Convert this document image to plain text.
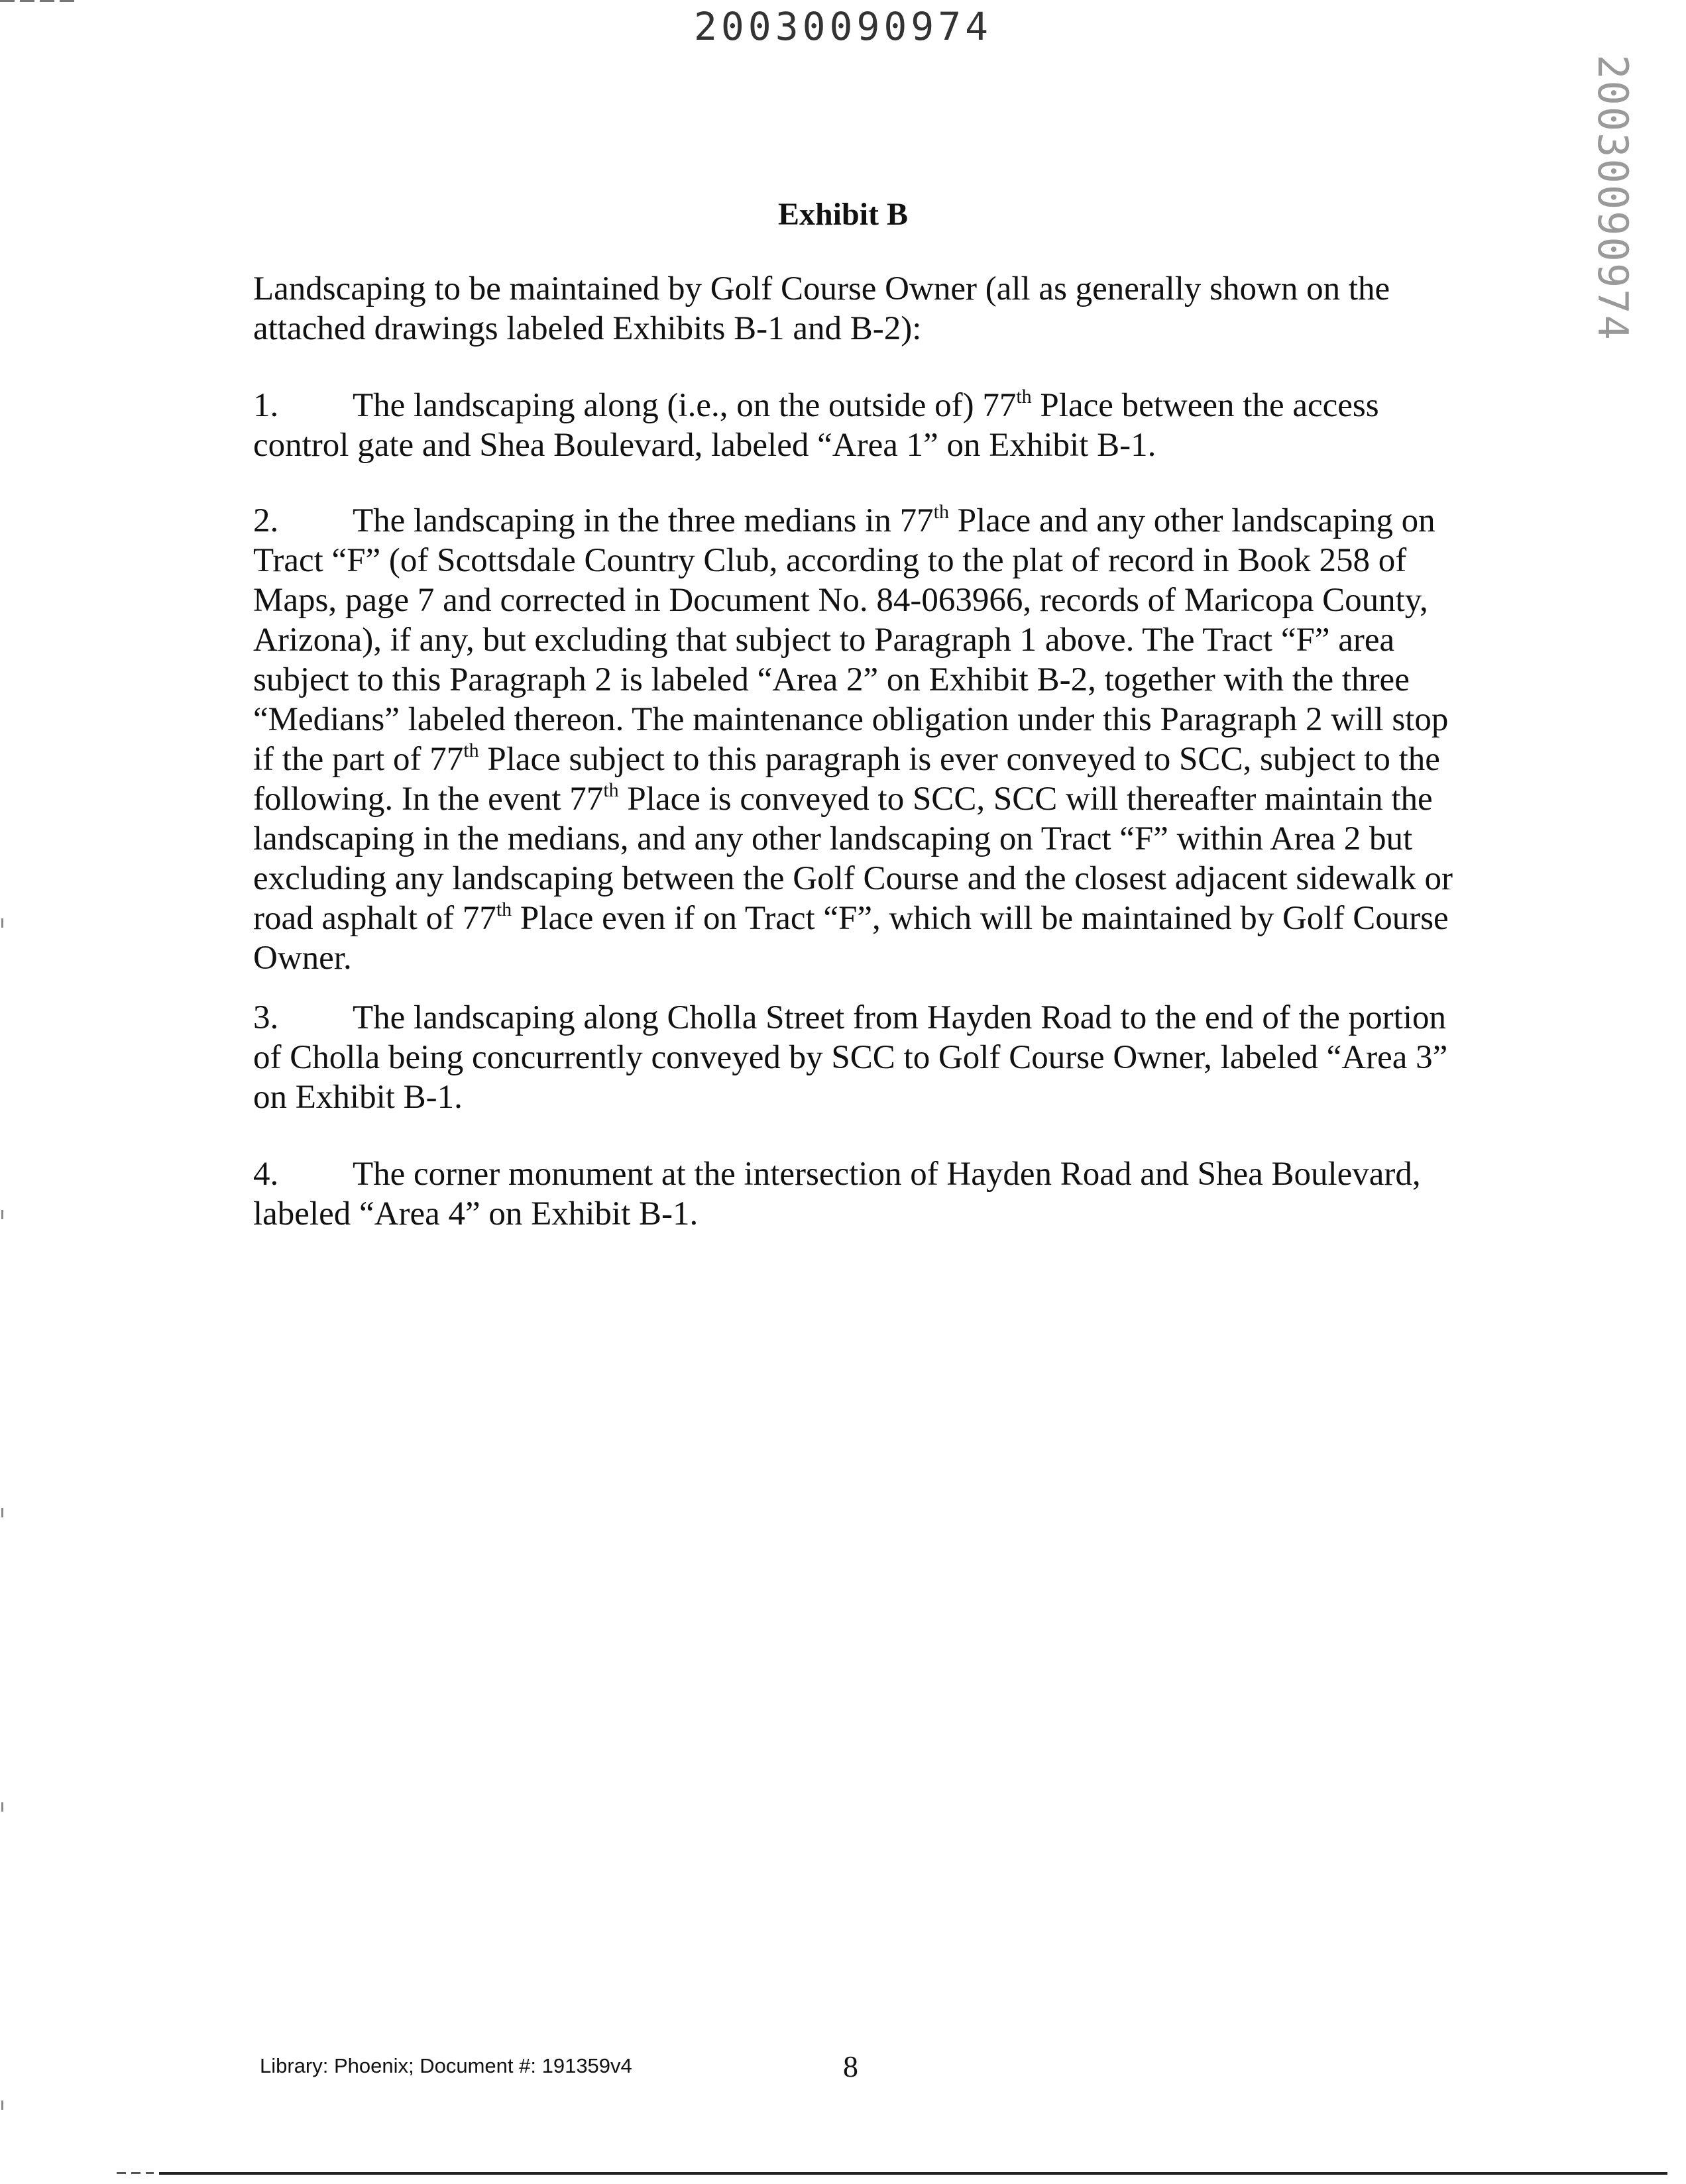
20030090974
20030090974
Exhibit B

Landscaping to be maintained by Golf Course Owner (all as generally shown on the attached drawings labeled Exhibits B-1 and B-2):

1. The landscaping along (i.e., on the outside of) 77th Place between the access control gate and Shea Boulevard, labeled “Area 1” on Exhibit B-1.

2. The landscaping in the three medians in 77th Place and any other landscaping on Tract “F” (of Scottsdale Country Club, according to the plat of record in Book 258 of Maps, page 7 and corrected in Document No. 84-063966, records of Maricopa County, Arizona), if any, but excluding that subject to Paragraph 1 above. The Tract “F” area subject to this Paragraph 2 is labeled “Area 2” on Exhibit B-2, together with the three “Medians” labeled thereon. The maintenance obligation under this Paragraph 2 will stop if the part of 77th Place subject to this paragraph is ever conveyed to SCC, subject to the following. In the event 77th Place is conveyed to SCC, SCC will thereafter maintain the landscaping in the medians, and any other landscaping on Tract “F” within Area 2 but excluding any landscaping between the Golf Course and the closest adjacent sidewalk or road asphalt of 77th Place even if on Tract “F”, which will be maintained by Golf Course Owner.

3. The landscaping along Cholla Street from Hayden Road to the end of the portion of Cholla being concurrently conveyed by SCC to Golf Course Owner, labeled “Area 3” on Exhibit B-1.

4. The corner monument at the intersection of Hayden Road and Shea Boulevard, labeled “Area 4” on Exhibit B-1.

Library: Phoenix; Document #: 191359v4	8
